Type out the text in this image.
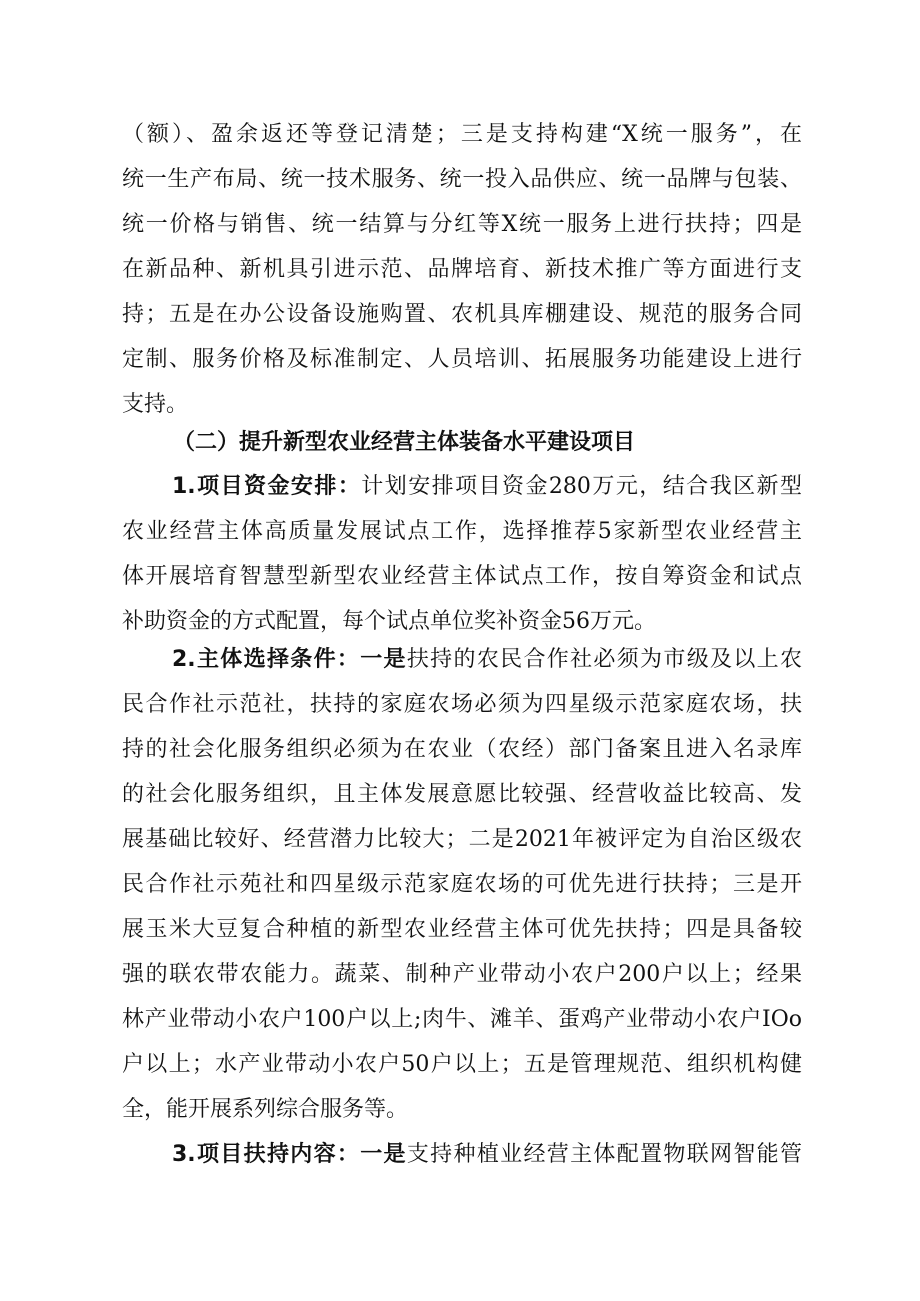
（额）、盈余返还等登记清楚；三是支持构建“X统一服务”，在
统一生产布局、统一技术服务、统一投入品供应、统一品牌与包装、
统一价格与销售、统一结算与分红等X统一服务上进行扶持；四是
在新品种、新机具引进示范、品牌培育、新技术推广等方面进行支
持；五是在办公设备设施购置、农机具库棚建设、规范的服务合同
定制、服务价格及标准制定、人员培训、拓展服务功能建设上进行
支持。
（二）提升新型农业经营主体装备水平建设项目
1.项目资金安排：计划安排项目资金280万元，结合我区新型
农业经营主体高质量发展试点工作，选择推荐5家新型农业经营主
体开展培育智慧型新型农业经营主体试点工作，按自筹资金和试点
补助资金的方式配置，每个试点单位奖补资金56万元。
2.主体选择条件：一是扶持的农民合作社必须为市级及以上农
民合作社示范社，扶持的家庭农场必须为四星级示范家庭农场，扶
持的社会化服务组织必须为在农业（农经）部门备案且进入名录库
的社会化服务组织，且主体发展意愿比较强、经营收益比较高、发
展基础比较好、经营潜力比较大；二是2021年被评定为自治区级农
民合作社示苑社和四星级示范家庭农场的可优先进行扶持；三是开
展玉米大豆复合种植的新型农业经营主体可优先扶持；四是具备较
强的联农带农能力。蔬菜、制种产业带动小农户200户以上；经果
林产业带动小农户100户以上;肉牛、滩羊、蛋鸡产业带动小农户IOo
户以上；水产业带动小农户50户以上；五是管理规范、组织机构健
全，能开展系列综合服务等。
3.项目扶持内容：一是支持种植业经营主体配置物联网智能管
